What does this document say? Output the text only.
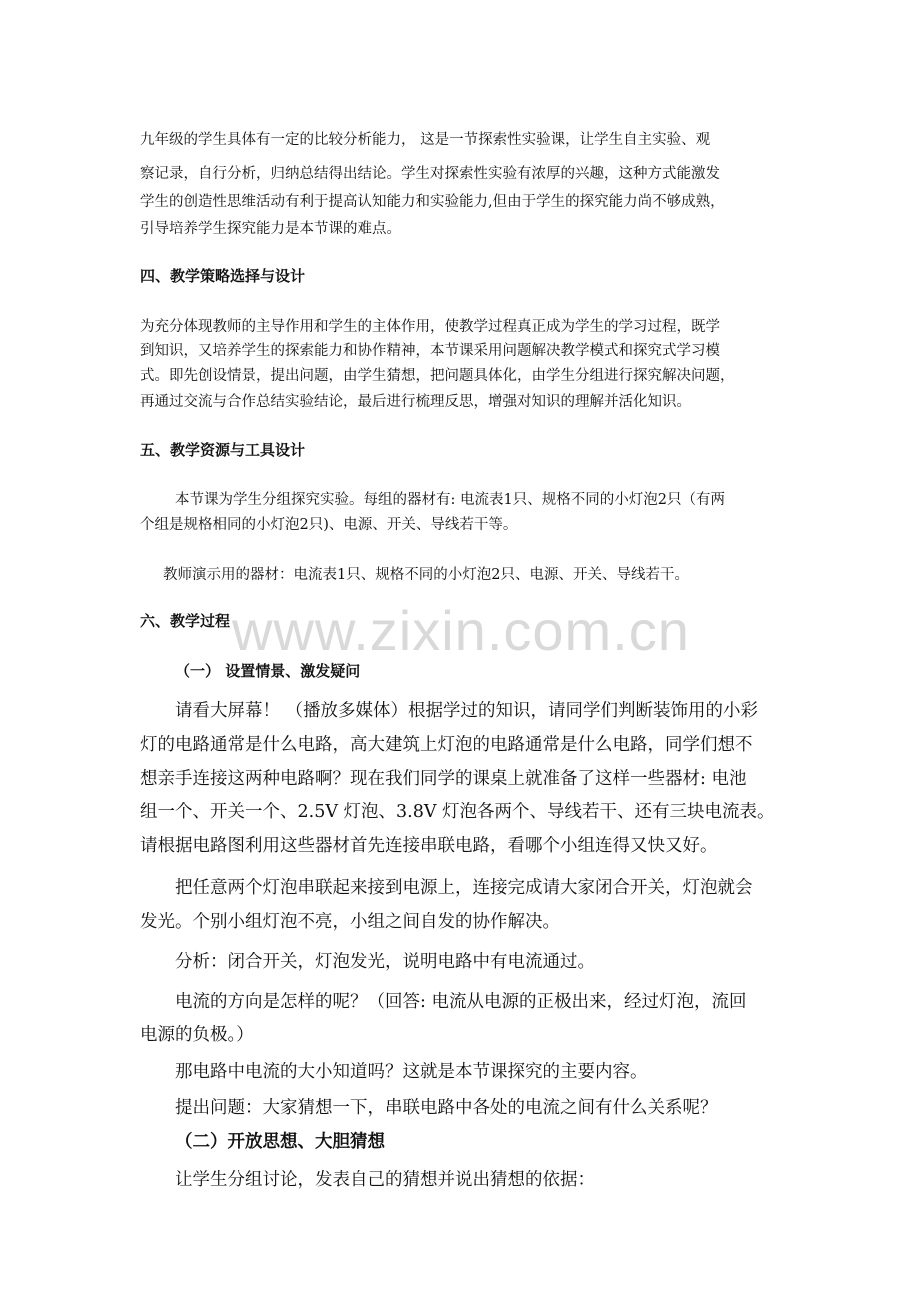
www.zixin.com.cn
九年级的学生具体有一定的比较分析能力， 这是一节探索性实验课，让学生自主实验、观
察记录，自行分析，归纳总结得出结论。学生对探索性实验有浓厚的兴趣，这种方式能激发
学生的创造性思维活动有利于提高认知能力和实验能力,但由于学生的探究能力尚不够成熟，
引导培养学生探究能力是本节课的难点。
四、教学策略选择与设计
为充分体现教师的主导作用和学生的主体作用，使教学过程真正成为学生的学习过程，既学
到知识，又培养学生的探索能力和协作精神，本节课采用问题解决教学模式和探究式学习模
式。即先创设情景，提出问题，由学生猜想，把问题具体化，由学生分组进行探究解决问题，
再通过交流与合作总结实验结论，最后进行梳理反思，增强对知识的理解并活化知识。
五、教学资源与工具设计
本节课为学生分组探究实验。每组的器材有: 电流表1只、规格不同的小灯泡2只（有两
个组是规格相同的小灯泡2只)、电源、开关、导线若干等。
教师演示用的器材：电流表1只、规格不同的小灯泡2只、电源、开关、导线若干。
六、教学过程
（一） 设置情景、激发疑问
请看大屏幕！ （播放多媒体）根据学过的知识，请同学们判断装饰用的小彩
灯的电路通常是什么电路，高大建筑上灯泡的电路通常是什么电路，同学们想不
想亲手连接这两种电路啊？现在我们同学的课桌上就准备了这样一些器材: 电池
组一个、开关一个、2.5V 灯泡、3.8V 灯泡各两个、导线若干、还有三块电流表。
请根据电路图利用这些器材首先连接串联电路，看哪个小组连得又快又好。
把任意两个灯泡串联起来接到电源上，连接完成请大家闭合开关，灯泡就会
发光。个别小组灯泡不亮，小组之间自发的协作解决。
分析：闭合开关，灯泡发光，说明电路中有电流通过。
电流的方向是怎样的呢？（回答: 电流从电源的正极出来，经过灯泡，流回
电源的负极。）
那电路中电流的大小知道吗？这就是本节课探究的主要内容。
提出问题：大家猜想一下，串联电路中各处的电流之间有什么关系呢？
（二）开放思想、大胆猜想
让学生分组讨论，发表自己的猜想并说出猜想的依据：
